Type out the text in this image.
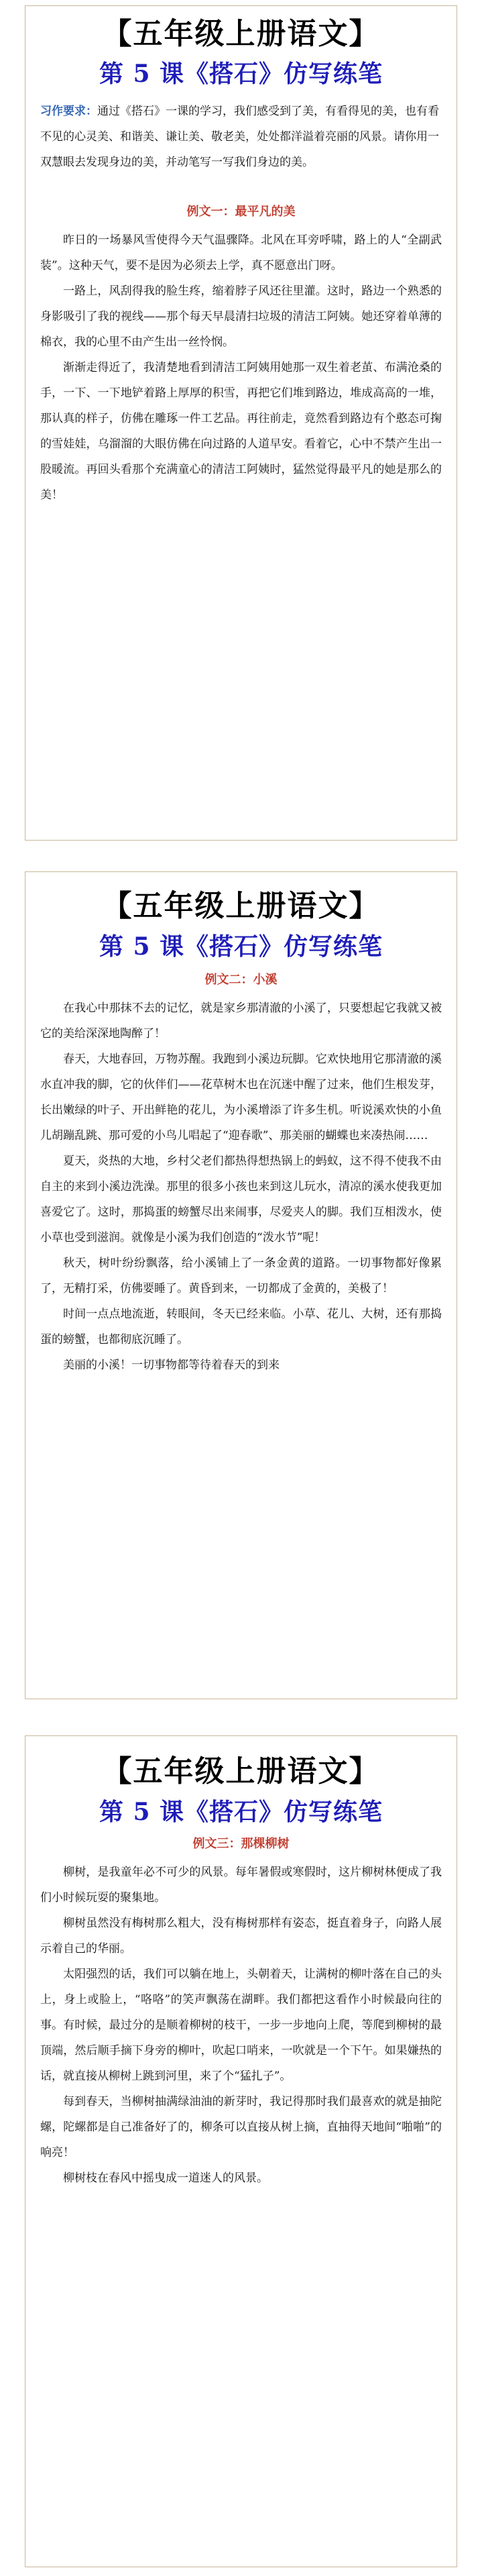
【五年级上册语文】
第 5 课《搭石》仿写练笔
习作要求：通过《搭石》一课的学习，我们感受到了美，有看得见的美，也有看不见的心灵美、和谐美、谦让美、敬老美，处处都洋溢着亮丽的风景。请你用一双慧眼去发现身边的美，并动笔写一写我们身边的美。
例文一：最平凡的美

昨日的一场暴风雪使得今天气温骤降。北风在耳旁呼啸，路上的人“全副武装”。这种天气，要不是因为必须去上学，真不愿意出门呀。

一路上，风刮得我的脸生疼，缩着脖子风还往里灌。这时，路边一个熟悉的身影吸引了我的视线——那个每天早晨清扫垃圾的清洁工阿姨。她还穿着单薄的棉衣，我的心里不由产生出一丝怜悯。

渐渐走得近了，我清楚地看到清洁工阿姨用她那一双生着老茧、布满沧桑的手，一下、一下地铲着路上厚厚的积雪，再把它们堆到路边，堆成高高的一堆，那认真的样子，仿佛在雕琢一件工艺品。再往前走，竟然看到路边有个憨态可掬的雪娃娃，乌溜溜的大眼仿佛在向过路的人道早安。看着它，心中不禁产生出一股暖流。再回头看那个充满童心的清洁工阿姨时，猛然觉得最平凡的她是那么的美！

【五年级上册语文】
第 5 课《搭石》仿写练笔
例文二：小溪

在我心中那抹不去的记忆，就是家乡那清澈的小溪了，只要想起它我就又被它的美给深深地陶醉了！

春天，大地春回，万物苏醒。我跑到小溪边玩脚。它欢快地用它那清澈的溪水直冲我的脚，它的伙伴们——花草树木也在沉迷中醒了过来，他们生根发芽，长出嫩绿的叶子、开出鲜艳的花儿，为小溪增添了许多生机。听说溪欢快的小鱼儿胡蹦乱跳、那可爱的小鸟儿唱起了“迎春歌”、那美丽的蝴蝶也来凑热闹……

夏天，炎热的大地，乡村父老们都热得想热锅上的蚂蚁，这不得不使我不由自主的来到小溪边洗澡。那里的很多小孩也来到这儿玩水，清凉的溪水使我更加喜爱它了。这时，那捣蛋的螃蟹尽出来闹事，尽爱夹人的脚。我们互相泼水，使小草也受到滋润。就像是小溪为我们创造的“泼水节”呢！

秋天，树叶纷纷飘落，给小溪铺上了一条金黄的道路。一切事物都好像累了，无精打采，仿佛要睡了。黄昏到来，一切都成了金黄的，美极了！

时间一点点地流逝，转眼间，冬天已经来临。小草、花儿、大树，还有那捣蛋的螃蟹，也都彻底沉睡了。

美丽的小溪！一切事物都等待着春天的到来

【五年级上册语文】
第 5 课《搭石》仿写练笔
例文三：那棵柳树

柳树，是我童年必不可少的风景。每年暑假或寒假时，这片柳树林便成了我们小时候玩耍的聚集地。

柳树虽然没有梅树那么粗大，没有梅树那样有姿态，挺直着身子，向路人展示着自己的华丽。

太阳强烈的话，我们可以躺在地上，头朝着天，让满树的柳叶落在自己的头上，身上或脸上，“咯咯”的笑声飘荡在湖畔。我们都把这看作小时候最向往的事。有时候，最过分的是顺着柳树的枝干，一步一步地向上爬，等爬到柳树的最顶端，然后顺手摘下身旁的柳叶，吹起口哨来，一吹就是一个下午。如果嫌热的话，就直接从柳树上跳到河里，来了个“猛扎子”。

每到春天，当柳树抽满绿油油的新芽时，我记得那时我们最喜欢的就是抽陀螺，陀螺都是自己准备好了的，柳条可以直接从树上摘，直抽得天地间“啪啪”的响亮！

柳树枝在春风中摇曳成一道迷人的风景。
